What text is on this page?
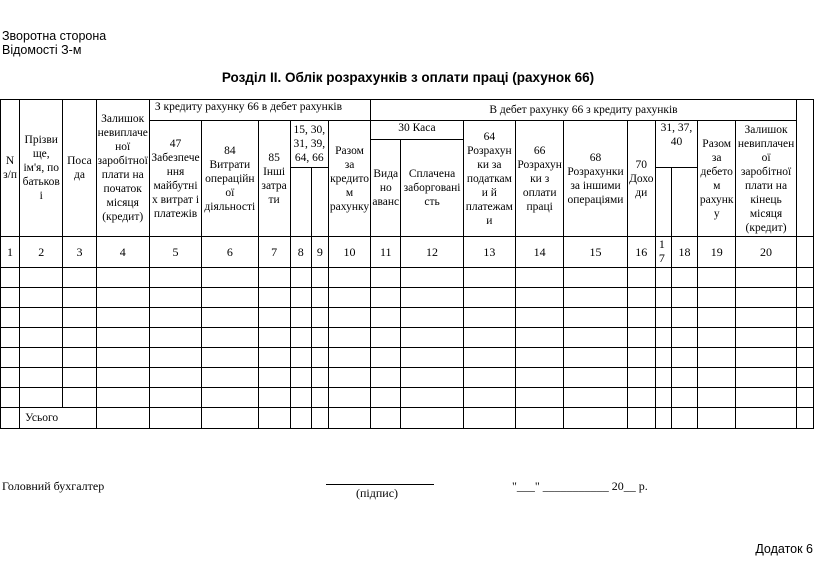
Зворотна сторона
Відомості З-м
Розділ II. Облік розрахунків з оплати праці (рахунок 66)
N з/п	Прізвище, ім'я, по батькові	Посада	Залишок невиплаченої заробітної плати на початок місяця (кредит)	З кредиту рахунку 66 в дебет рахунків						В дебет рахунку 66 з кредиту рахунків										
				47 Забезпечення майбутніх витрат і платежів	84 Витрати операційної діяльності	85 Інші затрати	15, 30, 31, 39, 64, 66		Разом за кредитом рахунку	30 Каса		64 Розрахунки за податками й платежами	66 Розрахунки з оплати праці	68 Розрахунки за іншими операціями	70 Доходи	31, 37, 40		Разом за дебетом рахунку	Залишок невиплаченої заробітної плати на кінець місяця (кредит)	
										Видано аванс	Сплачена заборгованість									

1	2	3	4	5	6	7	8	9	10	11	12	13	14	15	16	17	18	19	20	

	Усього																			
Головний бухгалтер	(підпис)	"___" ___________ 20__ р.
Додаток 6
